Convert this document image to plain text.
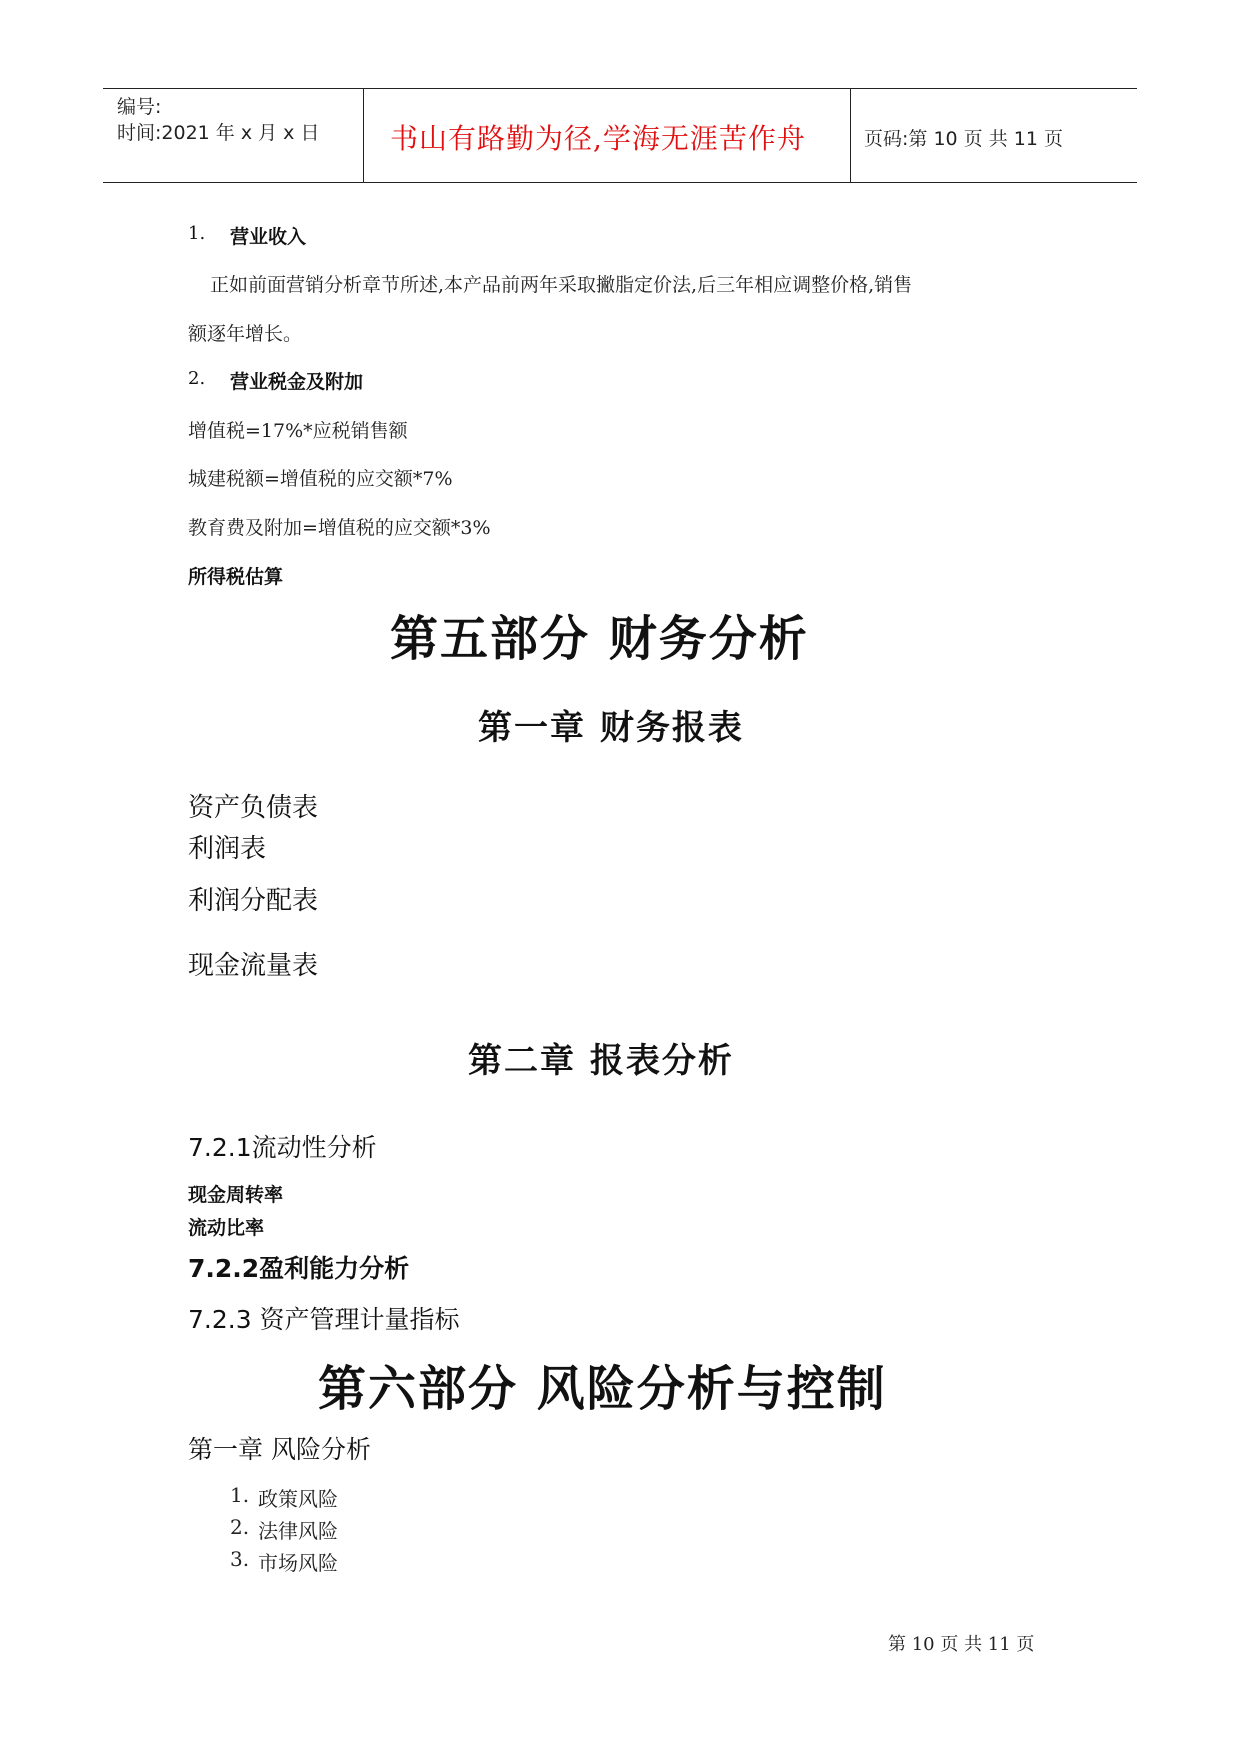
编号:
时间:2021 年 x 月 x 日	书山有路勤为径,学海无涯苦作舟	页码:第 10 页 共 11 页
1. 营业收入
正如前面营销分析章节所述,本产品前两年采取撇脂定价法,后三年相应调整价格,销售
额逐年增长。
2. 营业税金及附加
增值税=17%*应税销售额
城建税额=增值税的应交额*7%
教育费及附加=增值税的应交额*3%
所得税估算
第五部分 财务分析
第一章 财务报表
资产负债表
利润表
利润分配表
现金流量表
第二章 报表分析
7.2.1流动性分析
现金周转率
流动比率
7.2.2盈利能力分析
7.2.3 资产管理计量指标
第六部分 风险分析与控制
第一章 风险分析
1. 政策风险
2. 法律风险
3. 市场风险
第 10 页 共 11 页
